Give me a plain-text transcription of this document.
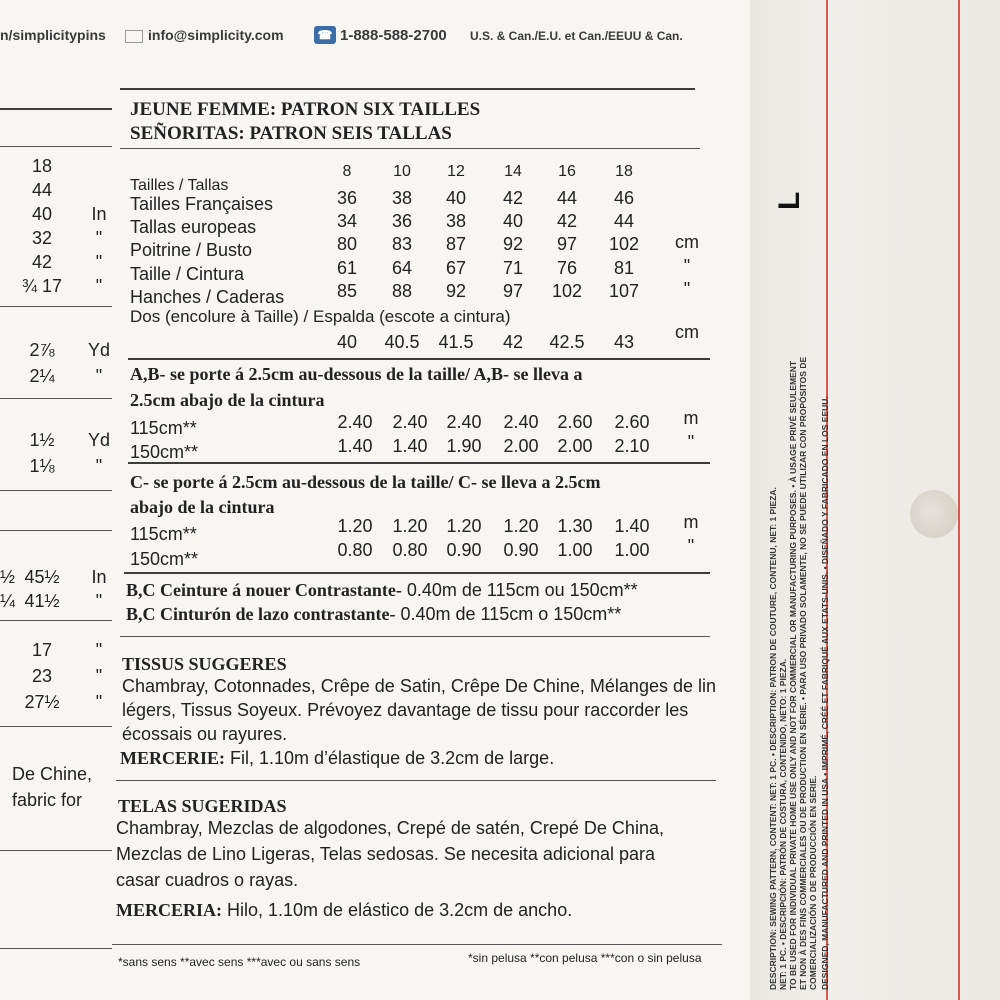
n/simplicitypins	info@simplicity.com	☎ 1-888-588-2700 U.S. & Can./E.U. et Can./EEUU & Can.
18
44
40	In
32	"
42	"
¾ 17	"
2⅞	Yd
2¼	"
1½	Yd
1⅛	"
½ 45½	In
¼ 41½	"
17	"
23	"
27½	"
De Chine,
fabric for
JEUNE FEMME: PATRON SIX TAILLES
SEÑORITAS: PATRON SEIS TALLAS
Tailles / Tallas
8	10	12	14	16	18
Tailles Françaises	36	38	40	42	44	46
Tallas europeas	34	36	38	40	42	44
Poitrine / Busto	80	83	87	92	97	102	cm
Taille / Cintura	61	64	67	71	76	81	"
Hanches / Caderas	85	88	92	97	102	107	"
Dos (encolure à Taille) / Espalda (escote a cintura)
40	40.5 41.5	42	42.5	43	cm
A,B- se porte á 2.5cm au-dessous de la taille/ A,B- se lleva a
2.5cm abajo de la cintura
115cm**	2.40 2.40 2.40 2.40 2.60 2.60	m
150cm**	1.40 1.40 1.90 2.00 2.00 2.10	"
C- se porte á 2.5cm au-dessous de la taille/ C- se lleva a 2.5cm
abajo de la cintura
115cm**	1.20 1.20 1.20 1.20 1.30 1.40	m
150cm**	0.80 0.80 0.90 0.90 1.00 1.00	"
B,C Ceinture á nouer Contrastante- 0.40m de 115cm ou 150cm**
B,C Cinturón de lazo contrastante- 0.40m de 115cm o 150cm**
TISSUS SUGGERES
Chambray, Cotonnades, Crêpe de Satin, Crêpe De Chine, Mélanges de lin
légers, Tissus Soyeux. Prévoyez davantage de tissu pour raccorder les
écossais ou rayures.
MERCERIE: Fil, 1.10m d’élastique de 3.2cm de large.
TELAS SUGERIDAS
Chambray, Mezclas de algodones, Crepé de satén, Crepé De China,
Mezclas de Lino Ligeras, Telas sedosas. Se necesita adicional para
casar cuadros o rayas.
MERCERIA: Hilo, 1.10m de elástico de 3.2cm de ancho.
*sans sens **avec sens ***avec ou sans sens	*sin pelusa **con pelusa ***con o sin pelusa
L
DESCRIPTION: SEWING PATTERN, CONTENT: NET: 1 PC. • DESCRIPTION: PATRON DE COUTURE, CONTENU, NET: 1 PIEZA. NET: 1 PC. • DESCRIPCIÓN: PATRÓN DE COSTURA, CONTENIDO, NETO: 1 PIEZA. TO BE USED FOR INDIVIDUAL PRIVATE HOME USE ONLY AND NOT FOR COMMERCIAL OR MANUFACTURING PURPOSES. • À USAGE PRIVÉ SEULEMENT ET NON À DES FINS COMMERCIALES OU DE PRODUCTION EN SÉRIE. • PARA USO PRIVADO SOLAMENTE, NO SE PUEDE UTILIZAR CON PROPÓSITOS DE COMERCIALIZACIÓN O DE PRODUCCIÓN EN SERIE. DESIGNED, MANUFACTURED AND PRINTED IN USA • IMPRIMÉ, CRÉÉ ET FABRIQUÉ AUX ETATS-UNIS. • DISEÑADO Y FABRICADO EN LOS EEUU.
